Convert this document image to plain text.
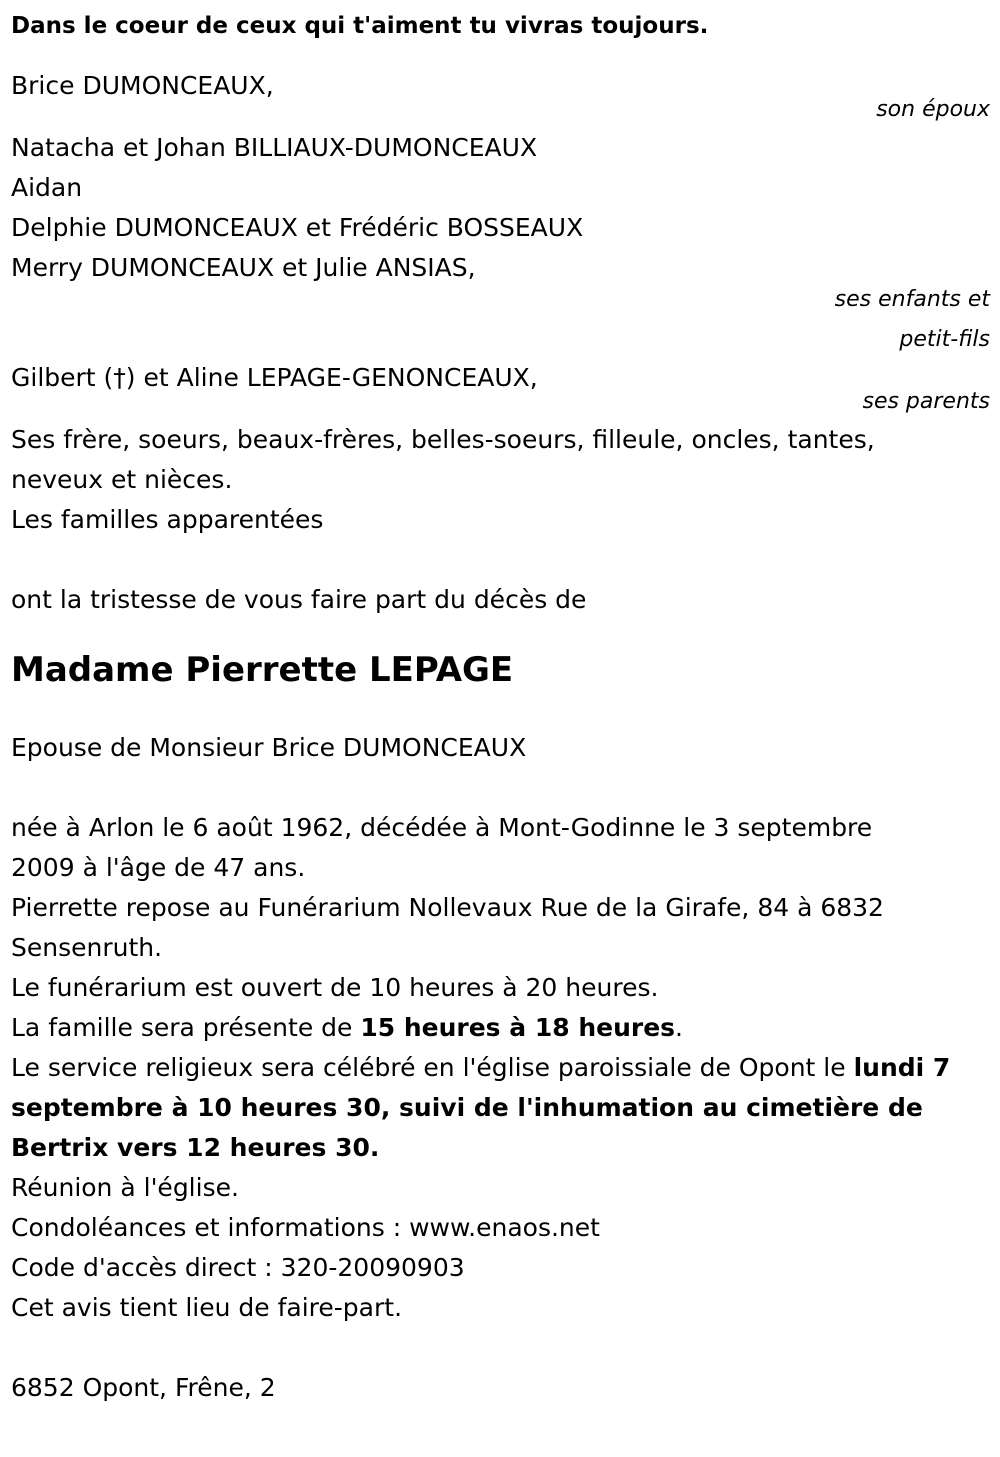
Dans le coeur de ceux qui t'aiment tu vivras toujours.
Brice DUMONCEAUX,
son époux
Natacha et Johan BILLIAUX-DUMONCEAUX
Aidan
Delphie DUMONCEAUX et Frédéric BOSSEAUX
Merry DUMONCEAUX et Julie ANSIAS,
ses enfants et
petit-fils
Gilbert (†) et Aline LEPAGE-GENONCEAUX,
ses parents
Ses frère, soeurs, beaux-frères, belles-soeurs, filleule, oncles, tantes,
neveux et nièces.
Les familles apparentées
ont la tristesse de vous faire part du décès de
Madame Pierrette LEPAGE
Epouse de Monsieur Brice DUMONCEAUX
née à Arlon le 6 août 1962, décédée à Mont-Godinne le 3 septembre
2009 à l'âge de 47 ans.
Pierrette repose au Funérarium Nollevaux Rue de la Girafe, 84 à 6832
Sensenruth.
Le funérarium est ouvert de 10 heures à 20 heures.
La famille sera présente de 15 heures à 18 heures.
Le service religieux sera célébré en l'église paroissiale de Opont le lundi 7
septembre à 10 heures 30, suivi de l'inhumation au cimetière de
Bertrix vers 12 heures 30.
Réunion à l'église.
Condoléances et informations : www.enaos.net
Code d'accès direct : 320-20090903
Cet avis tient lieu de faire-part.
6852 Opont, Frêne, 2
